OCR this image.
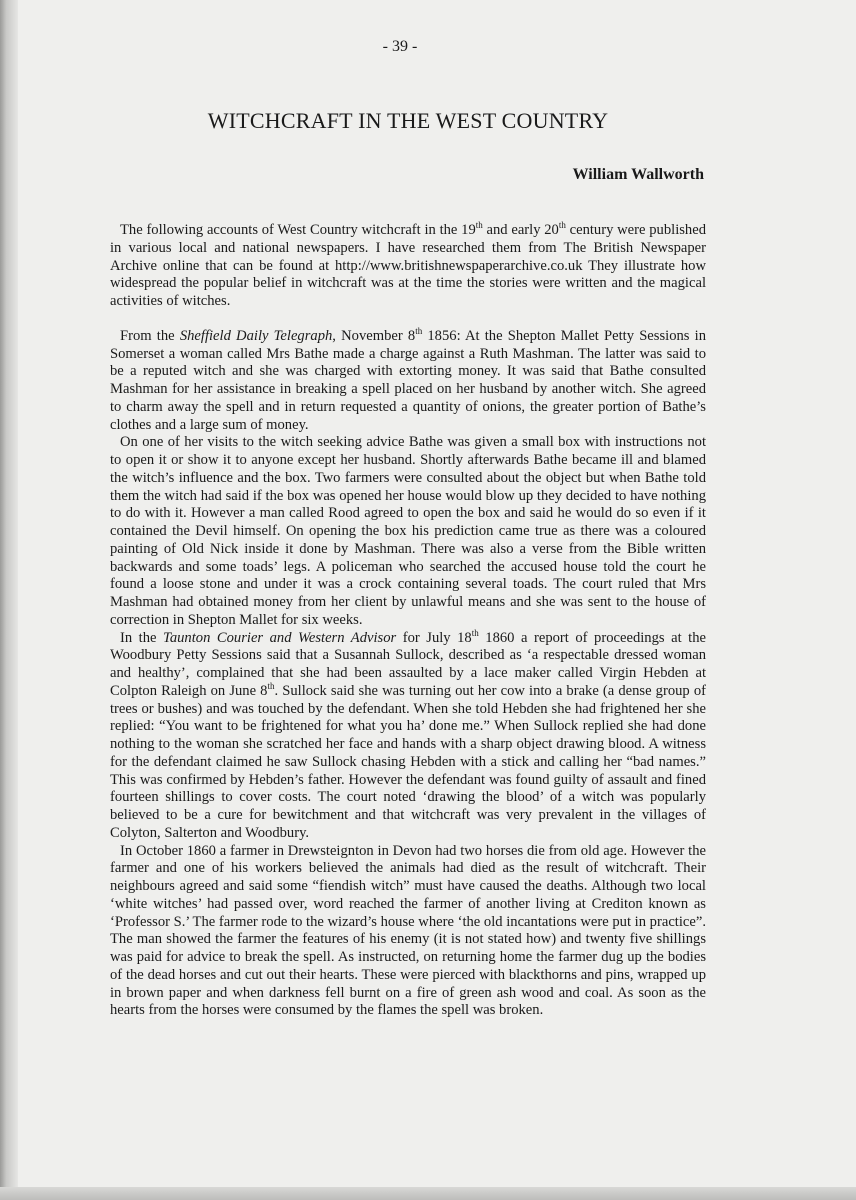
- 39 -
WITCHCRAFT IN THE WEST COUNTRY
William Wallworth

The following accounts of West Country witchcraft in the 19th and early 20th century were published in various local and national newspapers. I have researched them from The British Newspaper Archive online that can be found at http://www.britishnewspaperarchive.co.uk They illustrate how widespread the popular belief in witchcraft was at the time the stories were written and the magical activities of witches.

From the Sheffield Daily Telegraph, November 8th 1856: At the Shepton Mallet Petty Sessions in Somerset a woman called Mrs Bathe made a charge against a Ruth Mashman. The latter was said to be a reputed witch and she was charged with extorting money. It was said that Bathe consulted Mashman for her assistance in breaking a spell placed on her husband by another witch. She agreed to charm away the spell and in return requested a quantity of onions, the greater portion of Bathe’s clothes and a large sum of money.

On one of her visits to the witch seeking advice Bathe was given a small box with instructions not to open it or show it to anyone except her husband. Shortly afterwards Bathe became ill and blamed the witch’s influence and the box. Two farmers were consulted about the object but when Bathe told them the witch had said if the box was opened her house would blow up they decided to have nothing to do with it. However a man called Rood agreed to open the box and said he would do so even if it contained the Devil himself. On opening the box his prediction came true as there was a coloured painting of Old Nick inside it done by Mashman. There was also a verse from the Bible written backwards and some toads’ legs. A policeman who searched the accused house told the court he found a loose stone and under it was a crock containing several toads. The court ruled that Mrs Mashman had obtained money from her client by unlawful means and she was sent to the house of correction in Shepton Mallet for six weeks.

In the Taunton Courier and Western Advisor for July 18th 1860 a report of proceedings at the Woodbury Petty Sessions said that a Susannah Sullock, described as ‘a respectable dressed woman and healthy’, complained that she had been assaulted by a lace maker called Virgin Hebden at Colpton Raleigh on June 8th. Sullock said she was turning out her cow into a brake (a dense group of trees or bushes) and was touched by the defendant. When she told Hebden she had frightened her she replied: “You want to be frightened for what you ha’ done me.” When Sullock replied she had done nothing to the woman she scratched her face and hands with a sharp object drawing blood. A witness for the defendant claimed he saw Sullock chasing Hebden with a stick and calling her “bad names.” This was confirmed by Hebden’s father. However the defendant was found guilty of assault and fined fourteen shillings to cover costs. The court noted ‘drawing the blood’ of a witch was popularly believed to be a cure for bewitchment and that witchcraft was very prevalent in the villages of Colyton, Salterton and Woodbury.

In October 1860 a farmer in Drewsteignton in Devon had two horses die from old age. However the farmer and one of his workers believed the animals had died as the result of witchcraft. Their neighbours agreed and said some “fiendish witch” must have caused the deaths. Although two local ‘white witches’ had passed over, word reached the farmer of another living at Crediton known as ‘Professor S.’ The farmer rode to the wizard’s house where ‘the old incantations were put in practice”. The man showed the farmer the features of his enemy (it is not stated how) and twenty five shillings was paid for advice to break the spell. As instructed, on returning home the farmer dug up the bodies of the dead horses and cut out their hearts. These were pierced with blackthorns and pins, wrapped up in brown paper and when darkness fell burnt on a fire of green ash wood and coal. As soon as the hearts from the horses were consumed by the flames the spell was broken.
